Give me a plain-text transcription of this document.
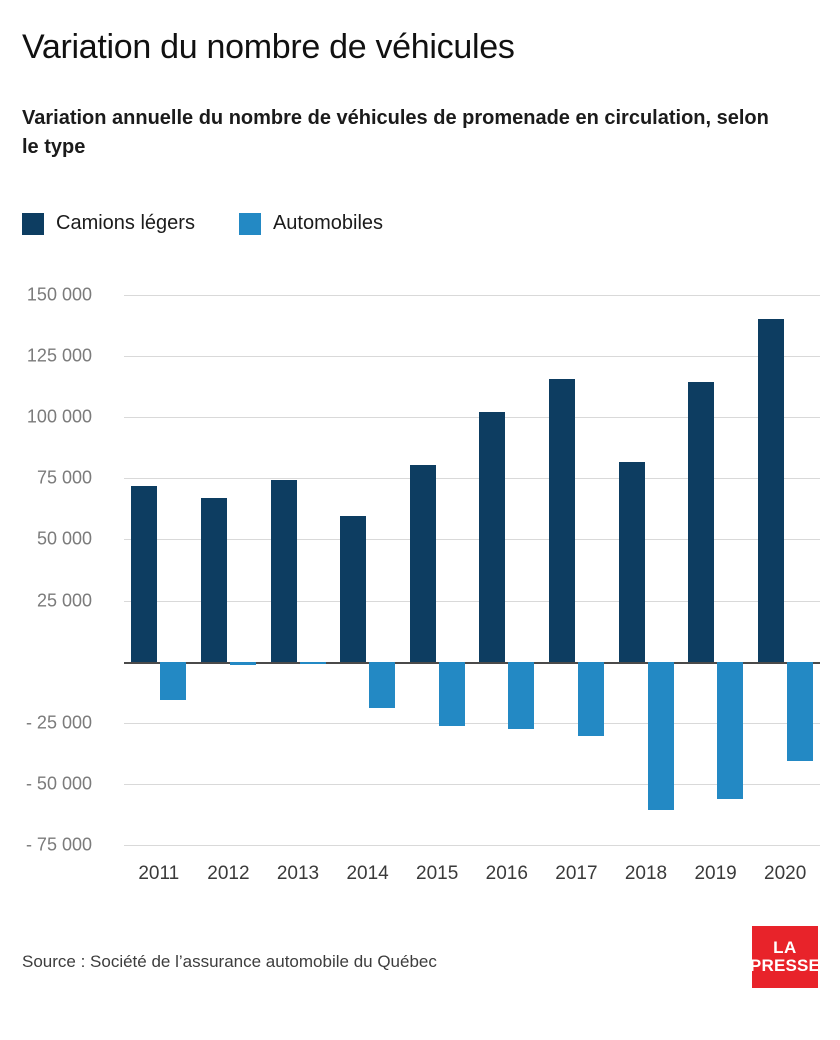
Variation du nombre de véhicules
Variation annuelle du nombre de véhicules de promenade en circulation, selon le type
Camions légers	Automobiles
150 000
125 000
100 000
75 000
50 000
25 000
- 25 000
- 50 000
- 75 000
2011 2012 2013 2014 2015 2016 2017 2018 2019 2020
Source : Société de l’assurance automobile du Québec
LA
PRESSE
